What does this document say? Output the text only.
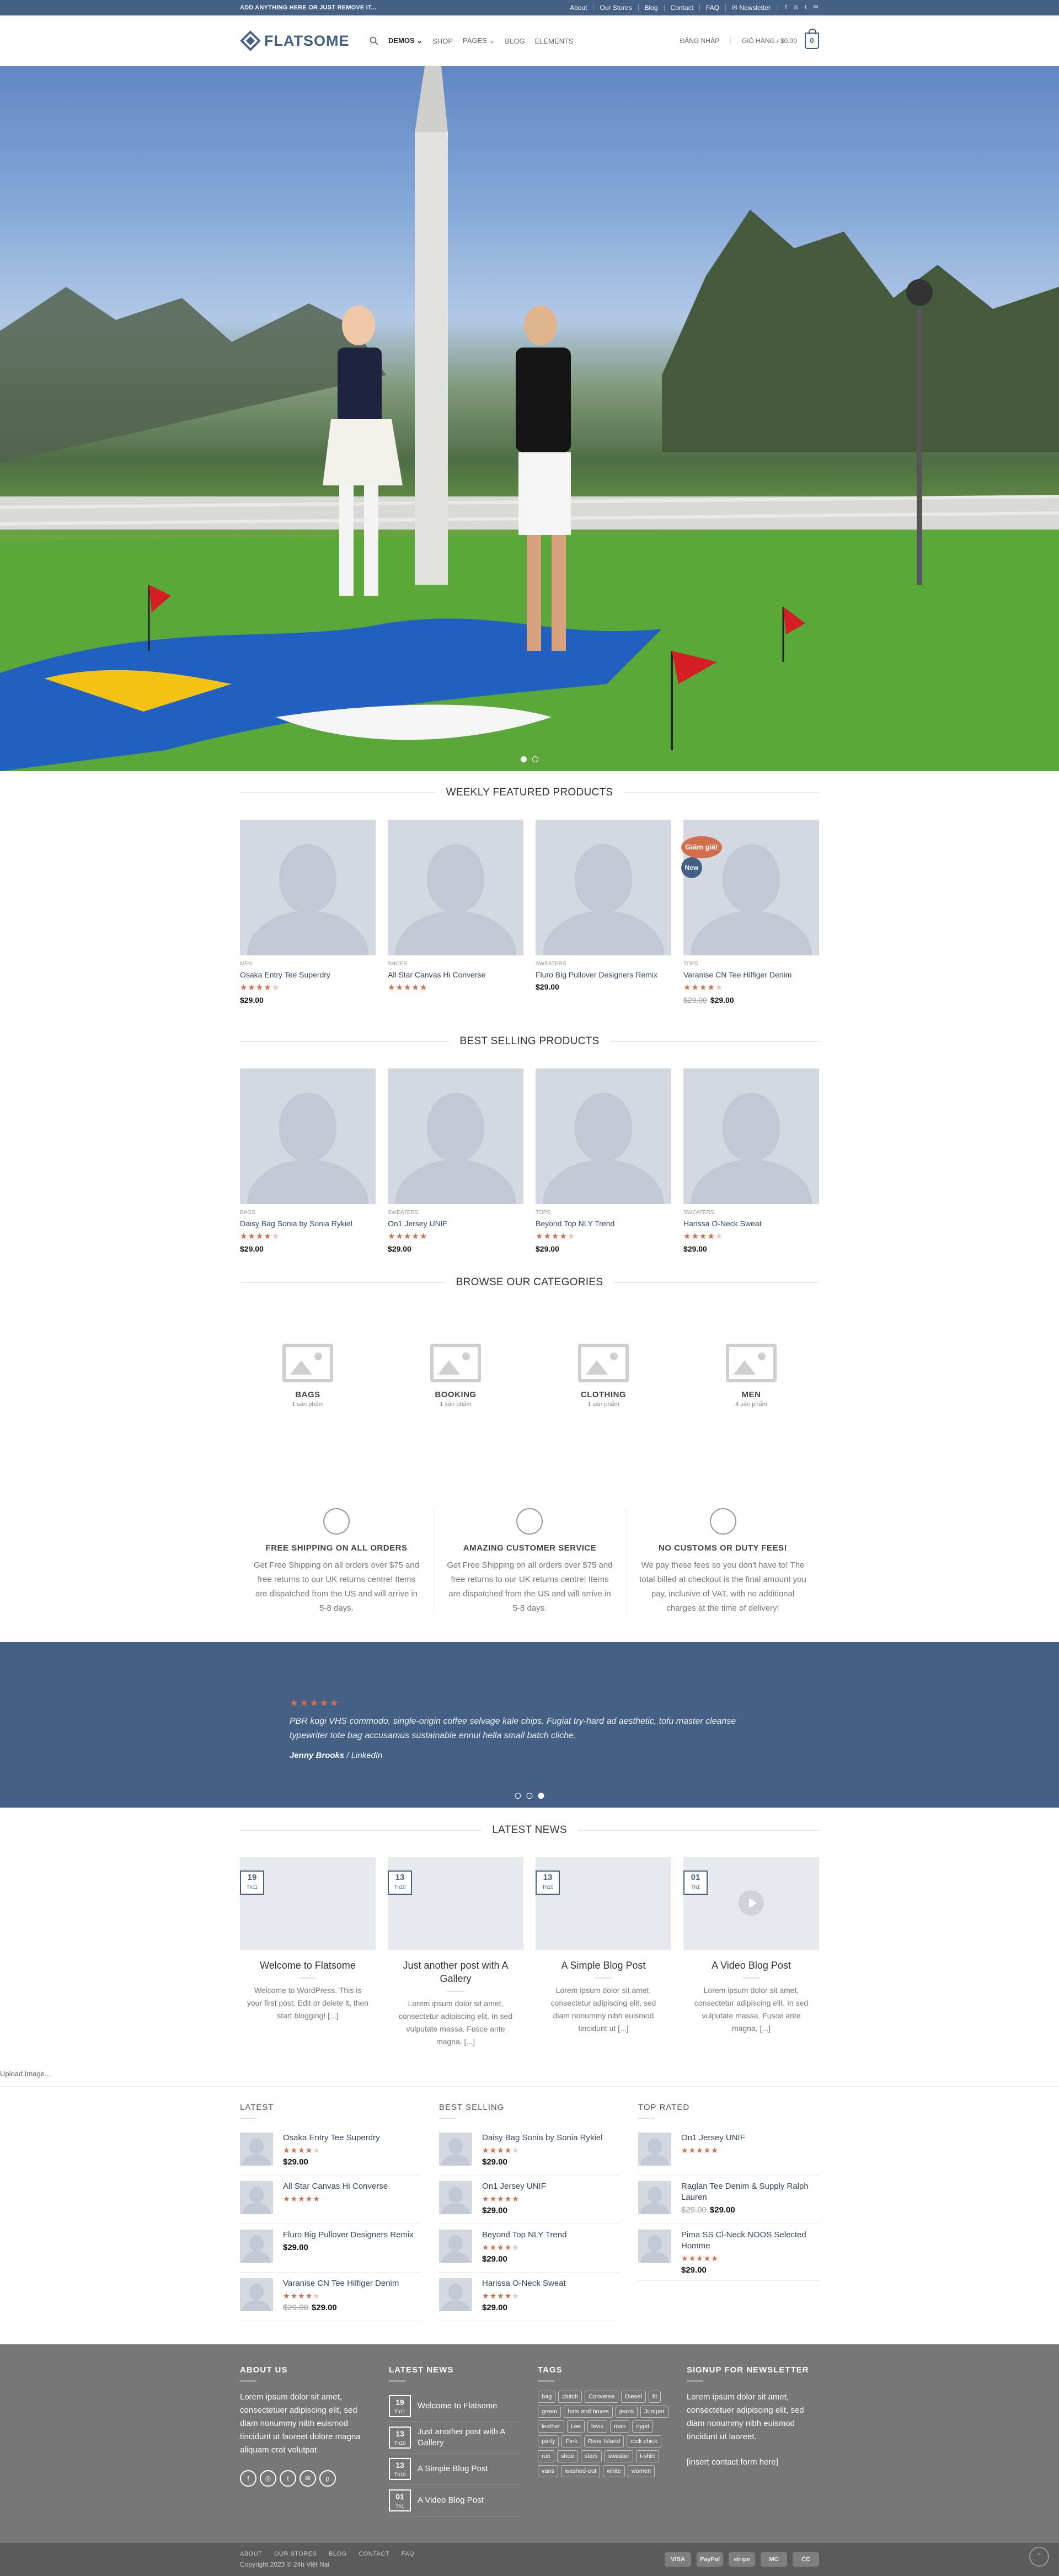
ADD ANYTHING HERE OR JUST REMOVE IT...	About	Our Stores	Blog	Contact	FAQ	✉ Newsletter	f	◎	t	✉
FLATSOME	DEMOS ⌄ SHOP PAGES ⌄ BLOG ELEMENTS	ĐĂNG NHẬP	GIỎ HÀNG / $0.00	0
WEEKLY FEATURED PRODUCTS
MEN
Osaka Entry Tee Superdry
★★★★★
$29.00
SHOES
All Star Canvas Hi Converse
★★★★★
SWEATERS
Fluro Big Pullover Designers Remix
$29.00
Giảm giá!
New
TOPS
Varanise CN Tee Hilfiger Denim
★★★★★
$29.00 $29.00
BEST SELLING PRODUCTS
BAGS
Daisy Bag Sonia by Sonia Rykiel
★★★★★
$29.00
SWEATERS
On1 Jersey UNIF
★★★★★
$29.00
TOPS
Beyond Top NLY Trend
★★★★★
$29.00
SWEATERS
Harissa O-Neck Sweat
★★★★★
$29.00
BROWSE OUR CATEGORIES
BAGS
1 sản phẩm
BOOKING
1 sản phẩm
CLOTHING
1 sản phẩm
MEN
4 sản phẩm
FREE SHIPPING ON ALL ORDERS

Get Free Shipping on all orders over $75 and free returns to our UK returns centre! Items are dispatched from the US and will arrive in 5-8 days.

AMAZING CUSTOMER SERVICE

Get Free Shipping on all orders over $75 and free returns to our UK returns centre! Items are dispatched from the US and will arrive in 5-8 days.

NO CUSTOMS OR DUTY FEES!

We pay these fees so you don't have to! The total billed at checkout is the final amount you pay, inclusive of VAT, with no additional charges at the time of delivery!

★★★★★
PBR kogi VHS commodo, single-origin coffee selvage kale chips. Fugiat try-hard ad aesthetic, tofu master cleanse typewriter tote bag accusamus sustainable ennui hella small batch cliche.
Jenny Brooks / LinkedIn
LATEST NEWS
19
Th11
Welcome to Flatsome

Welcome to WordPress. This is your first post. Edit or delete it, then start blogging! [...]

13
Th10
Just another post with A Gallery

Lorem ipsum dolor sit amet, consectetur adipiscing elit. In sed vulputate massa. Fusce ante magna, [...]

13
Th10
A Simple Blog Post

Lorem ipsum dolor sit amet, consectetur adipiscing elit, sed diam nonummy nibh euismod tincidunt ut [...]

01
Th1
A Video Blog Post

Lorem ipsum dolor sit amet, consectetur adipiscing elit. In sed vulputate massa. Fusce ante magna, [...]

Upload Image...
LATEST
Osaka Entry Tee Superdry
★★★★★
$29.00
All Star Canvas Hi Converse
★★★★★
Fluro Big Pullover Designers Remix
$29.00
Varanise CN Tee Hilfiger Denim
★★★★★
$29.00 $29.00
BEST SELLING
Daisy Bag Sonia by Sonia Rykiel
★★★★★
$29.00
On1 Jersey UNIF
★★★★★
$29.00
Beyond Top NLY Trend
★★★★★
$29.00
Harissa O-Neck Sweat
★★★★★
$29.00
TOP RATED
On1 Jersey UNIF
★★★★★
Raglan Tee Denim & Supply Ralph Lauren
$29.00 $29.00
Pima SS Cl-Neck NOOS Selected Homme
★★★★★
$29.00
ABOUT US

Lorem ipsum dolor sit amet, consectetuer adipiscing elit, sed diam nonummy nibh euismod tincidunt ut laoreet dolore magna aliquam erat volutpat.

f	◎	t	✉	p
LATEST NEWS
19
Th11
Welcome to Flatsome
13
Th10
Just another post with A Gallery
13
Th10
A Simple Blog Post
01
Th1
A Video Blog Post
TAGS
bag	clutch	Converse	Diesel	fit
green	hats and boxes	jeans	Jumper
leather	Lee	levis	man	nypd
party	Pink	River Island	rock chick
run	shoe	stars	sweater	t-shirt
vans	washed-out	white	women
SIGNUP FOR NEWSLETTER

Lorem ipsum dolor sit amet, consectetuer adipiscing elit, sed diam nonummy nibh euismod tincidunt ut laoreet.

[insert contact form here]

ABOUT OUR STORES BLOG CONTACT FAQ
Copyright 2023 © 24h Việt Nại
VISA	PayPal	stripe	MC	CC	⌃
